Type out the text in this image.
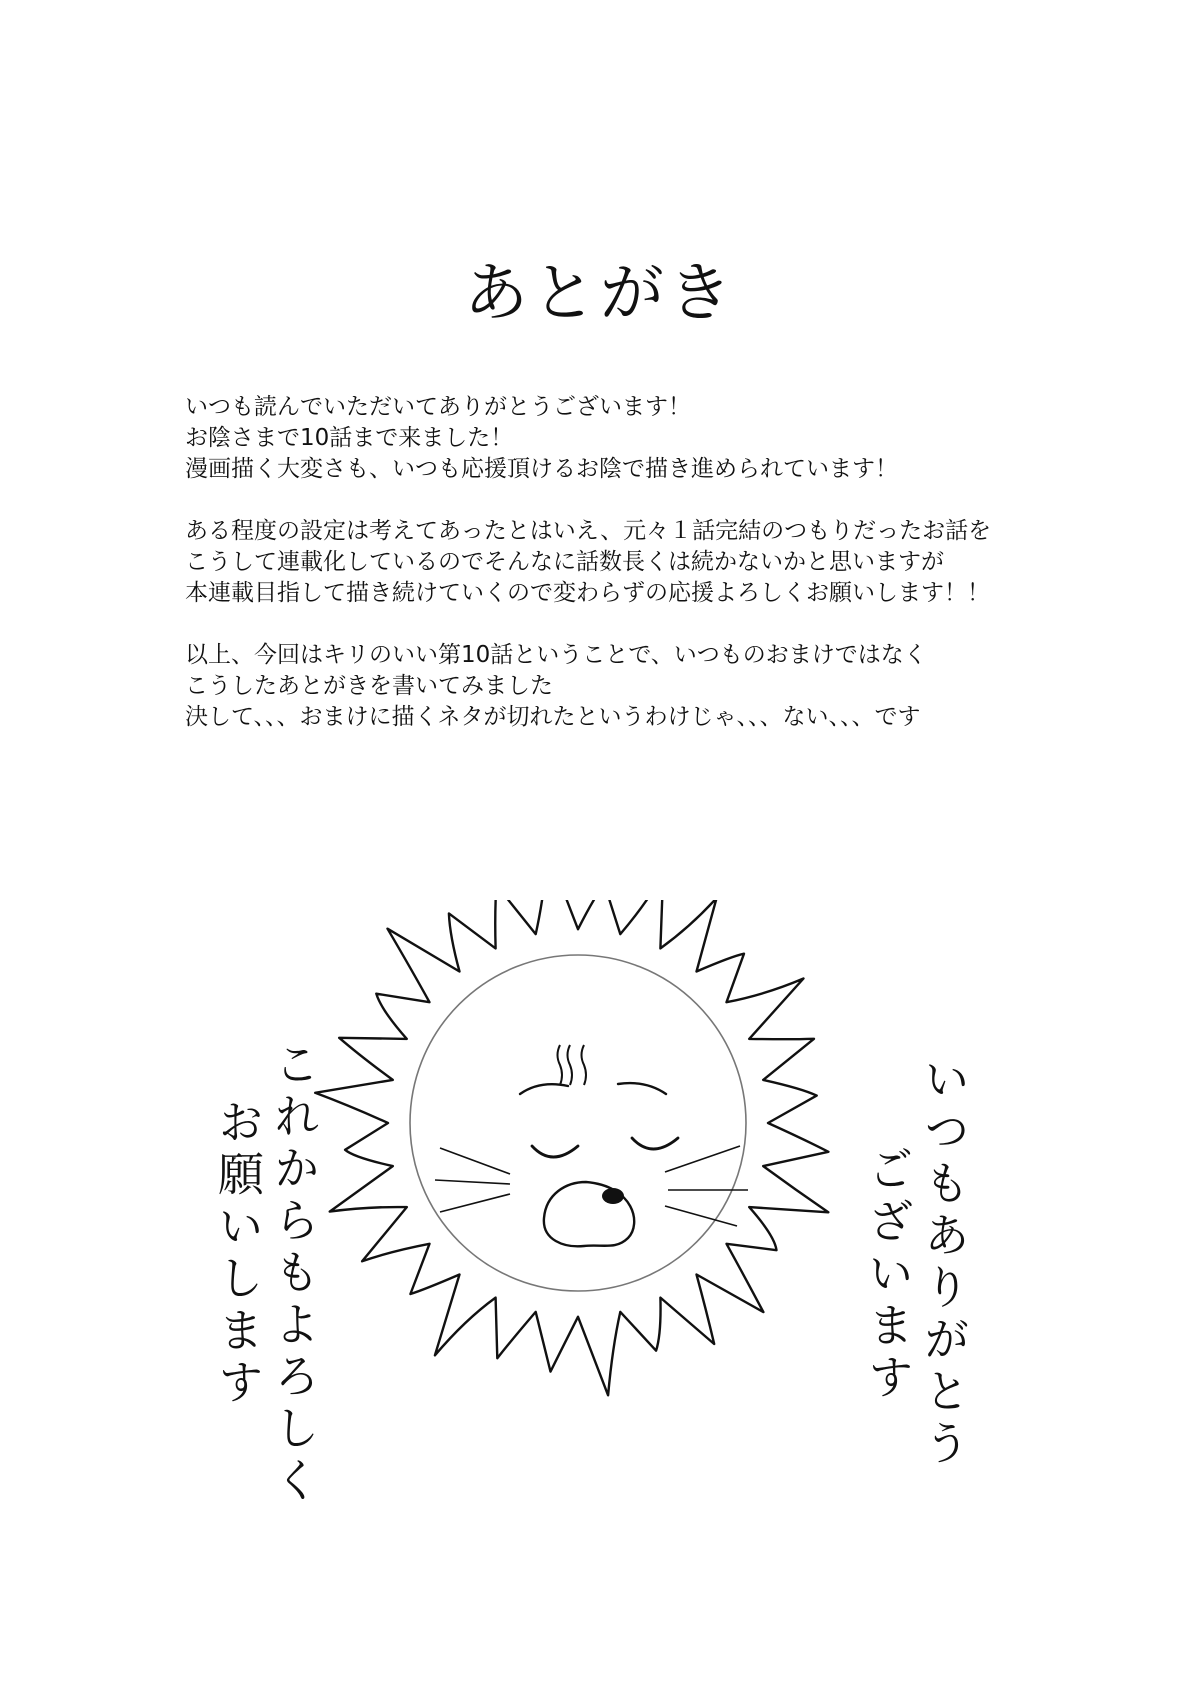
あとがき

いつも読んでいただいてありがとうございます！
お陰さまで10話まで来ました！
漫画描く大変さも、いつも応援頂けるお陰で描き進められています！

ある程度の設定は考えてあったとはいえ、元々１話完結のつもりだったお話を
こうして連載化しているのでそんなに話数長くは続かないかと思いますが
本連載目指して描き続けていくので変わらずの応援よろしくお願いします！！

以上、今回はキリのいい第10話ということで、いつものおまけではなく
こうしたあとがきを書いてみました
決して、、、おまけに描くネタが切れたというわけじゃ、、、ない、、、です

いつもありがとう
ございます
これからもよろしく
お願いします
